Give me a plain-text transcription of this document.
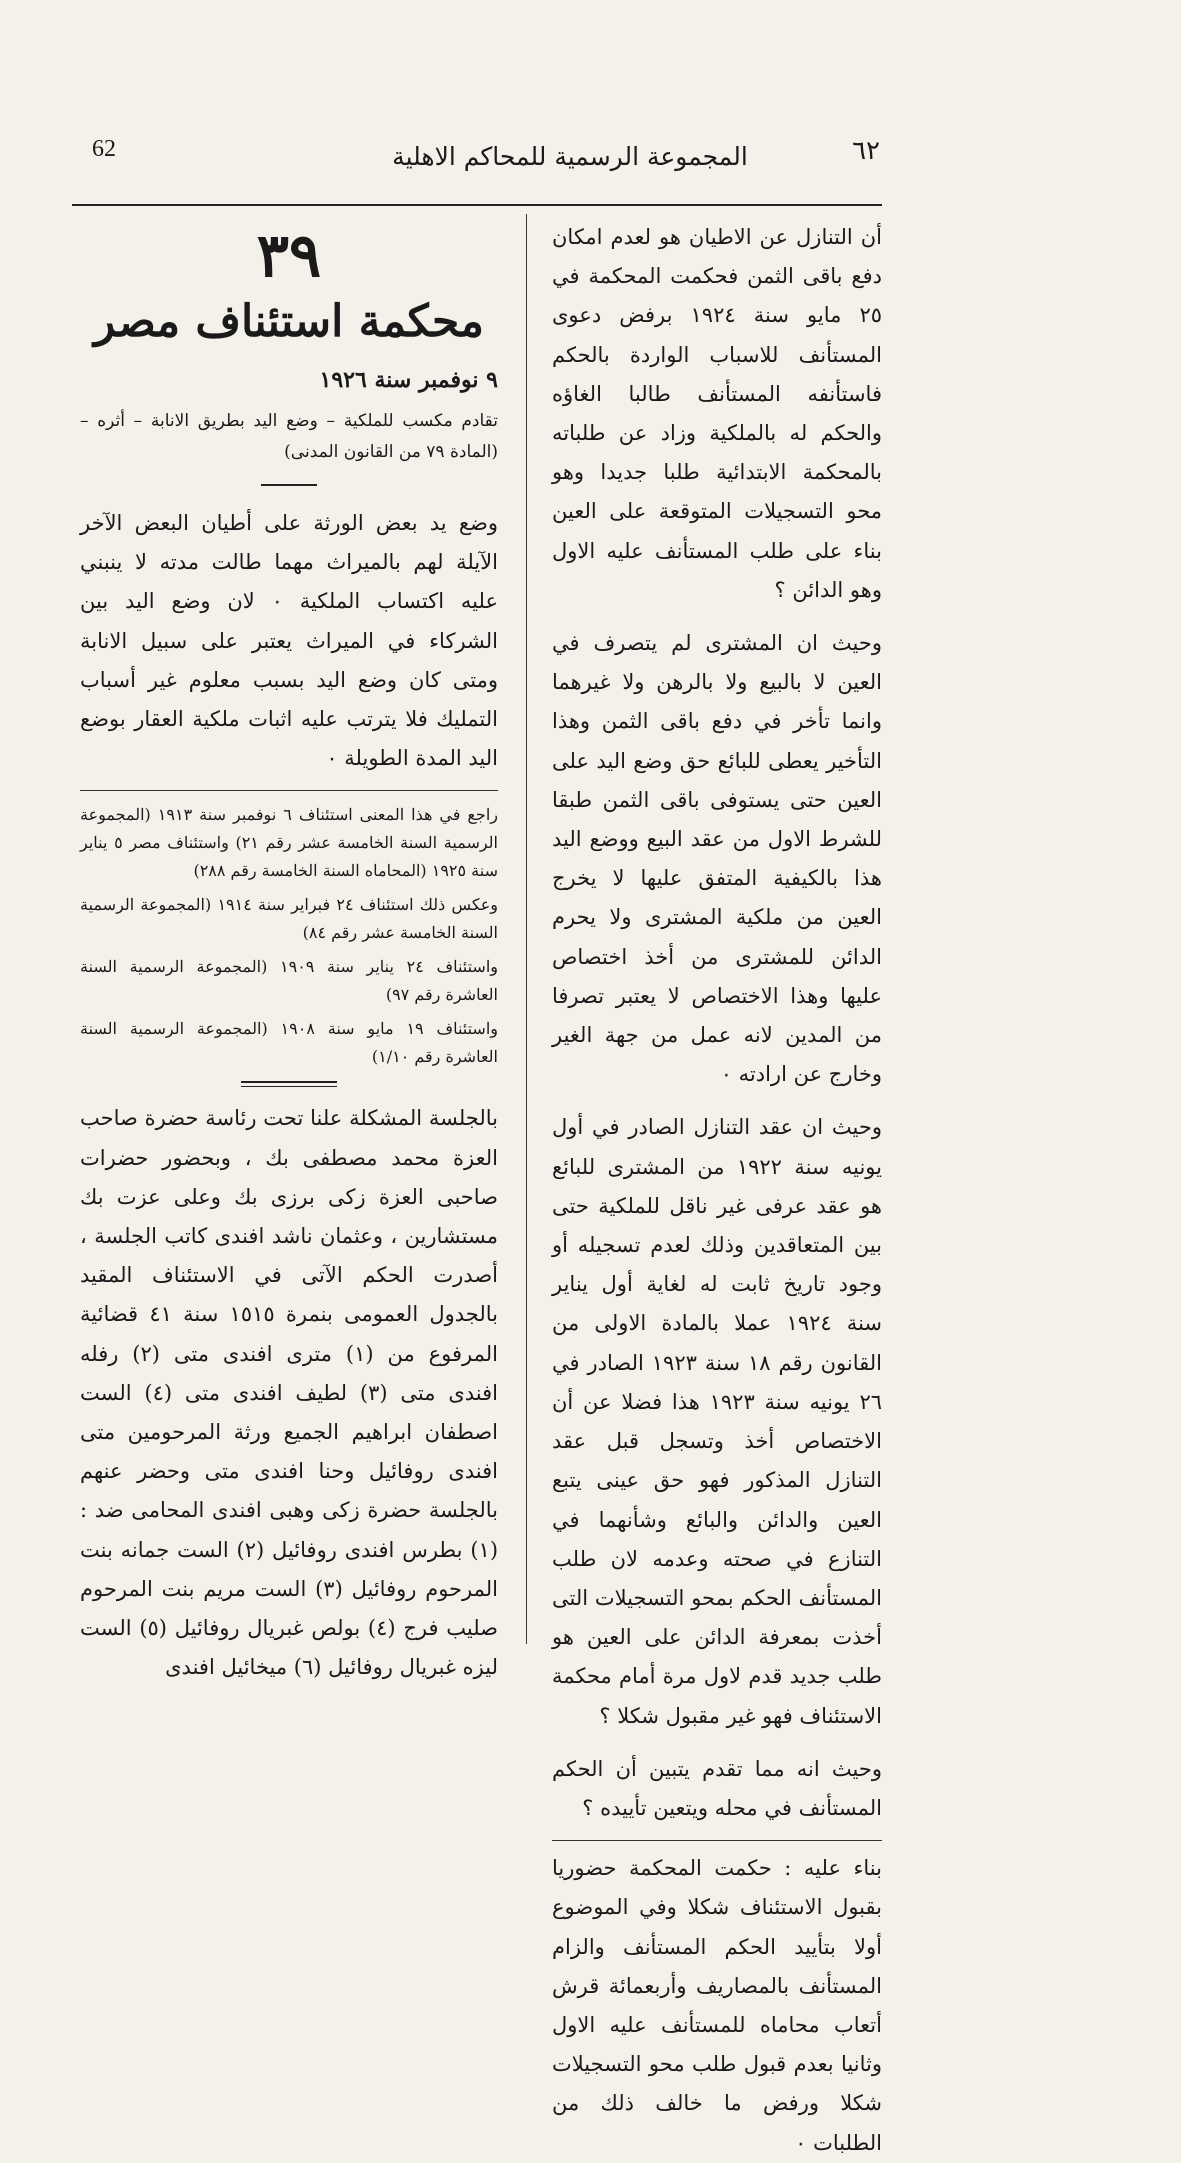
62	المجموعة الرسمية للمحاكم الاهلية	٦٢

أن التنازل عن الاطيان هو لعدم امكان دفع باقى الثمن فحكمت المحكمة في ٢٥ مايو سنة ١٩٢٤ برفض دعوى المستأنف للاسباب الواردة بالحكم فاستأنفه المستأنف طالبا الغاؤه والحكم له بالملكية وزاد عن طلباته بالمحكمة الابتدائية طلبا جديدا وهو محو التسجيلات المتوقعة على العين بناء على طلب المستأنف عليه الاول وهو الدائن ؟

وحيث ان المشترى لم يتصرف في العين لا بالبيع ولا بالرهن ولا غيرهما وانما تأخر في دفع باقى الثمن وهذا التأخير يعطى للبائع حق وضع اليد على العين حتى يستوفى باقى الثمن طبقا للشرط الاول من عقد البيع ووضع اليد هذا بالكيفية المتفق عليها لا يخرج العين من ملكية المشترى ولا يحرم الدائن للمشترى من أخذ اختصاص عليها وهذا الاختصاص لا يعتبر تصرفا من المدين لانه عمل من جهة الغير وخارج عن ارادته ٠

وحيث ان عقد التنازل الصادر في أول يونيه سنة ١٩٢٢ من المشترى للبائع هو عقد عرفى غير ناقل للملكية حتى بين المتعاقدين وذلك لعدم تسجيله أو وجود تاريخ ثابت له لغاية أول يناير سنة ١٩٢٤ عملا بالمادة الاولى من القانون رقم ١٨ سنة ١٩٢٣ الصادر في ٢٦ يونيه سنة ١٩٢٣ هذا فضلا عن أن الاختصاص أخذ وتسجل قبل عقد التنازل المذكور فهو حق عينى يتبع العين والدائن والبائع وشأنهما في التنازع في صحته وعدمه لان طلب المستأنف الحكم بمحو التسجيلات التى أخذت بمعرفة الدائن على العين هو طلب جديد قدم لاول مرة أمام محكمة الاستئناف فهو غير مقبول شكلا ؟

وحيث انه مما تقدم يتبين أن الحكم المستأنف في محله ويتعين تأييده ؟

بناء عليه : حكمت المحكمة حضوريا بقبول الاستئناف شكلا وفي الموضوع أولا بتأييد الحكم المستأنف والزام المستأنف بالمصاريف وأربعمائة قرش أتعاب محاماه للمستأنف عليه الاول وثانيا بعدم قبول طلب محو التسجيلات شكلا ورفض ما خالف ذلك من الطلبات ٠

٣٩
محكمة استئناف مصر
٩ نوفمبر سنة ١٩٢٦
تقادم مكسب للملكية – وضع اليد بطريق الانابة – أثره – (المادة ٧٩ من القانون المدنى)

وضع يد بعض الورثة على أطيان البعض الآخر الآيلة لهم بالميراث مهما طالت مدته لا ينبني عليه اكتساب الملكية ٠ لان وضع اليد بين الشركاء في الميراث يعتبر على سبيل الانابة ومتى كان وضع اليد بسبب معلوم غير أسباب التمليك فلا يترتب عليه اثبات ملكية العقار بوضع اليد المدة الطويلة ٠

راجع في هذا المعنى استئناف ٦ نوفمبر سنة ١٩١٣ (المجموعة الرسمية السنة الخامسة عشر رقم ٢١) واستئناف مصر ٥ يناير سنة ١٩٢٥ (المحاماه السنة الخامسة رقم ٢٨٨)
وعكس ذلك استئناف ٢٤ فبراير سنة ١٩١٤ (المجموعة الرسمية السنة الخامسة عشر رقم ٨٤)
واستئناف ٢٤ يناير سنة ١٩٠٩ (المجموعة الرسمية السنة العاشرة رقم ٩٧)
واستئناف ١٩ مايو سنة ١٩٠٨ (المجموعة الرسمية السنة العاشرة رقم ١/١٠)

بالجلسة المشكلة علنا تحت رئاسة حضرة صاحب العزة محمد مصطفى بك ، وبحضور حضرات صاحبى العزة زكى برزى بك وعلى عزت بك مستشارين ، وعثمان ناشد افندى كاتب الجلسة ، أصدرت الحكم الآتى في الاستئناف المقيد بالجدول العمومى بنمرة ١٥١٥ سنة ٤١ قضائية المرفوع من (١) مترى افندى متى (٢) رفله افندى متى (٣) لطيف افندى متى (٤) الست اصطفان ابراهيم الجميع ورثة المرحومين متى افندى روفائيل وحنا افندى متى وحضر عنهم بالجلسة حضرة زكى وهبى افندى المحامى ضد : (١) بطرس افندى روفائيل (٢) الست جمانه بنت المرحوم روفائيل (٣) الست مريم بنت المرحوم صليب فرج (٤) بولص غبريال روفائيل (٥) الست ليزه غبريال روفائيل (٦) ميخائيل افندى
